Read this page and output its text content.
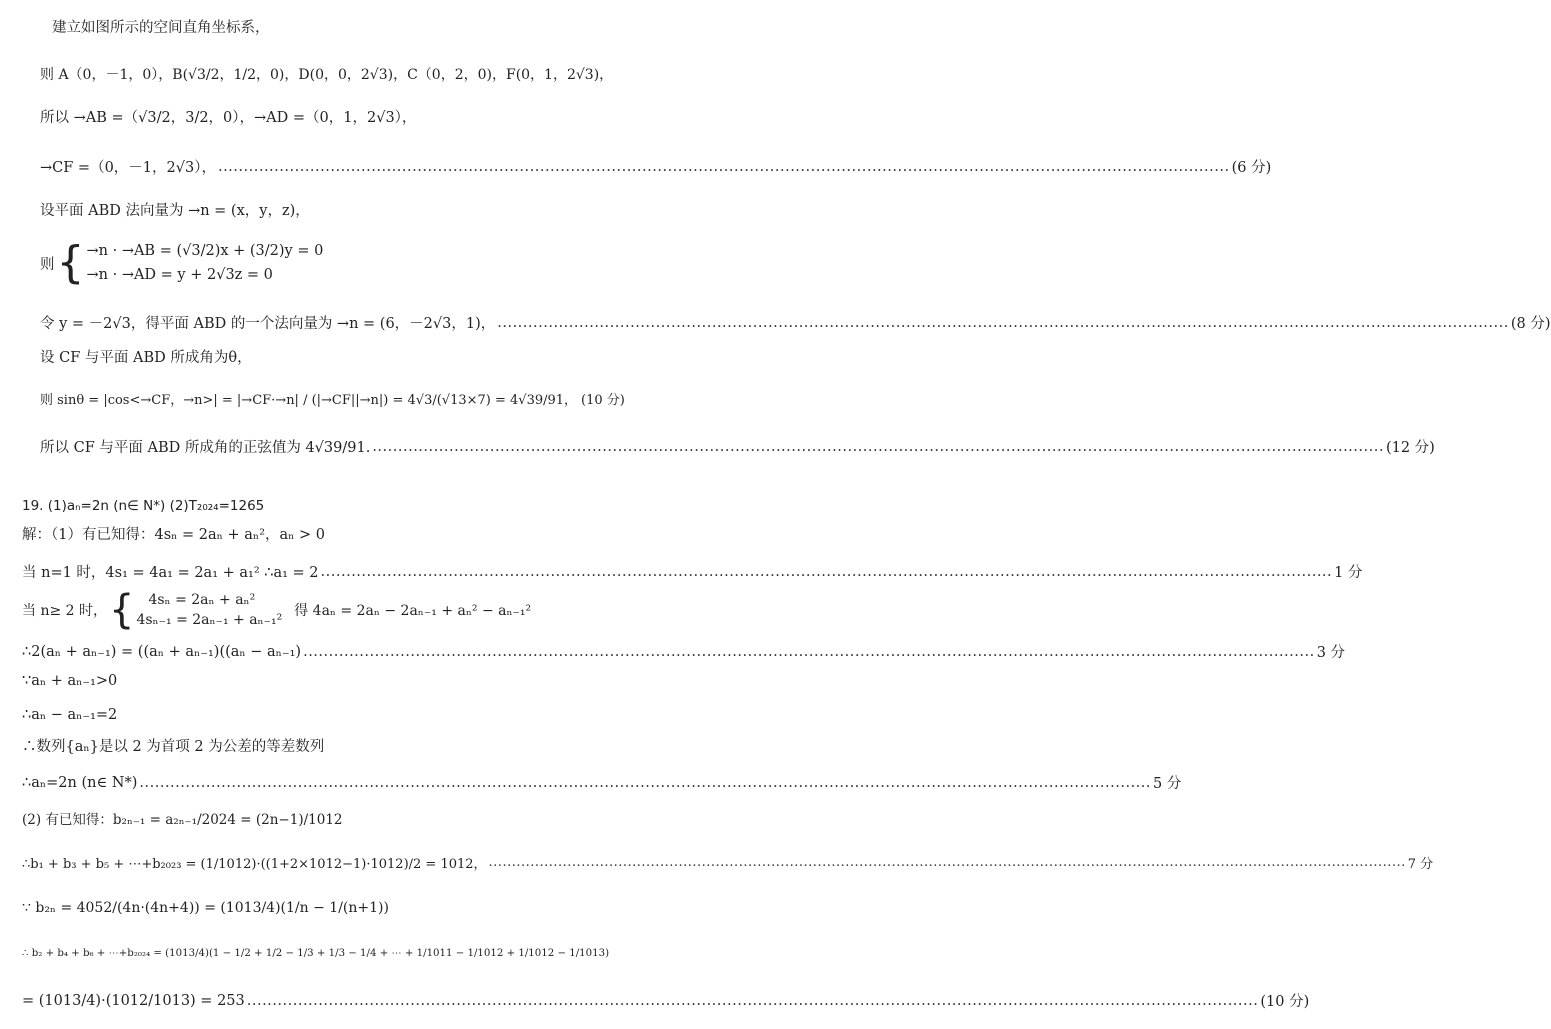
建立如图所示的空间直角坐标系，
则 A（0，－1，0），B(√3/2，1/2，0)，D(0，0，2√3)，C（0，2，0)，F(0，1，2√3)，
所以 →AB =（√3/2，3/2，0），→AD =（0，1，2√3），
→CF =（0，－1，2√3）， .....	(6 分)
设平面 ABD 法向量为 →n = (x，y，z)，
则 { →n · →AB = (√3/2)x + (3/2)y = 0
→n · →AD = y + 2√3z = 0
令 y = －2√3，得平面 ABD 的一个法向量为 →n = (6，－2√3，1)， .....	(8 分)
设 CF 与平面 ABD 所成角为θ，
则 sinθ = |cos<→CF，→n>| = |→CF·→n| / (|→CF||→n|) = 4√3/(√13×7) = 4√39/91， (10 分)
所以 CF 与平面 ABD 所成角的正弦值为 4√39/91. .....	(12 分)
19. (1)aₙ=2n (n∈ N*) (2)T₂₀₂₄=1265
解：（1）有已知得：4sₙ = 2aₙ + aₙ²，aₙ > 0
当 n=1 时，4s₁ = 4a₁ = 2a₁ + a₁² ∴a₁ = 2 .....	1 分
当 n≥ 2 时， {	4sₙ = 2aₙ + aₙ²
4sₙ₋₁ = 2aₙ₋₁ + aₙ₋₁²
得 4aₙ = 2aₙ − 2aₙ₋₁ + aₙ² − aₙ₋₁²
∴2(aₙ + aₙ₋₁) = ((aₙ + aₙ₋₁)((aₙ − aₙ₋₁) .....	3 分
∵aₙ + aₙ₋₁>0
∴aₙ − aₙ₋₁=2
∴数列{aₙ}是以 2 为首项 2 为公差的等差数列
∴aₙ=2n (n∈ N*) .....	5 分
(2) 有已知得：b₂ₙ₋₁ = a₂ₙ₋₁/2024 = (2n−1)/1012
∴b₁ + b₃ + b₅ + ⋯+b₂₀₂₃ = (1/1012)·((1+2×1012−1)·1012)/2 = 1012， .....	7 分
∵ b₂ₙ = 4052/(4n·(4n+4)) = (1013/4)(1/n − 1/(n+1))
∴ b₂ + b₄ + b₆ + ⋯+b₂₀₂₄ = (1013/4)(1 − 1/2 + 1/2 − 1/3 + 1/3 − 1/4 + ⋯ + 1/1011 − 1/1012 + 1/1012 − 1/1013)
= (1013/4)·(1012/1013) = 253 .....	(10 分)
